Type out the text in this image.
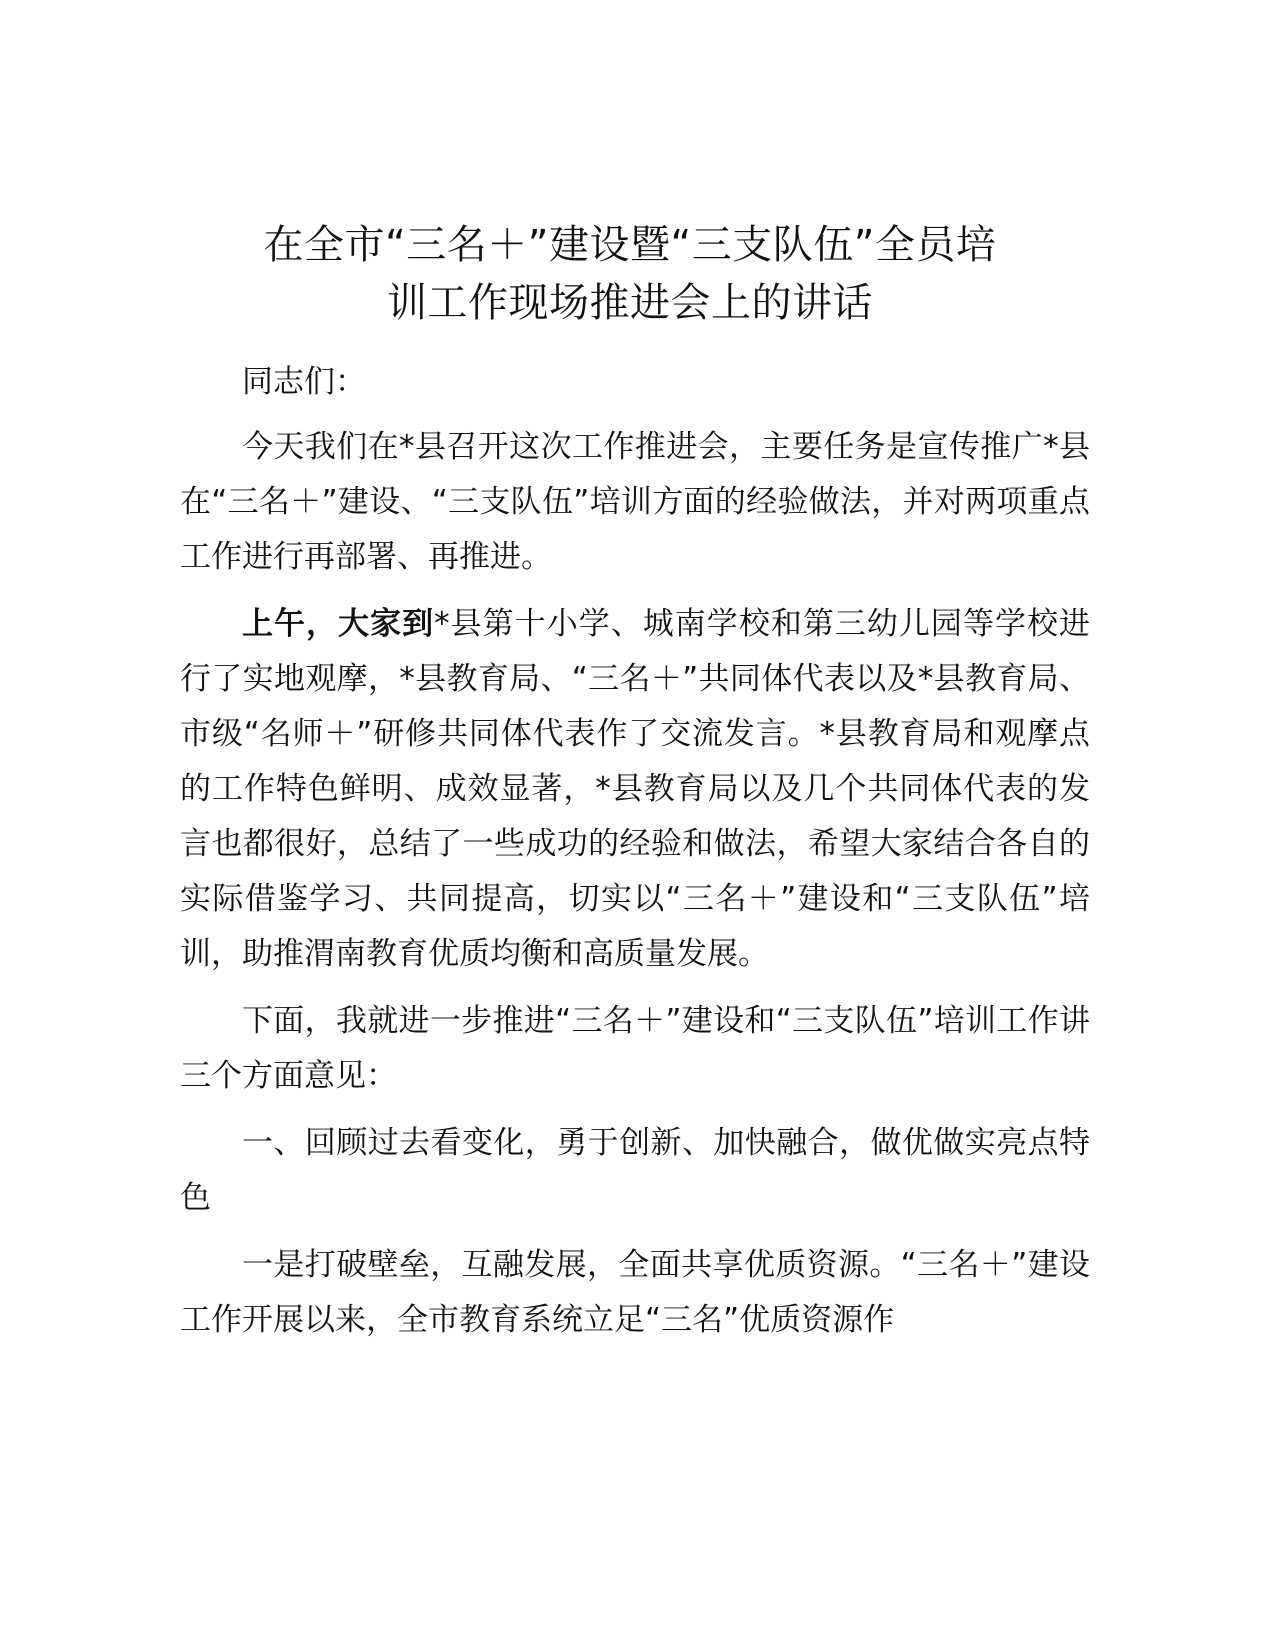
在全市“三名＋”建设暨“三支队伍”全员培
训工作现场推进会上的讲话

同志们：

今天我们在*县召开这次工作推进会，主要任务是宣传推广*县在“三名＋”建设、“三支队伍”培训方面的经验做法，并对两项重点工作进行再部署、再推进。

上午，大家到*县第十小学、城南学校和第三幼儿园等学校进行了实地观摩，*县教育局、“三名＋”共同体代表以及*县教育局、市级“名师＋”研修共同体代表作了交流发言。*县教育局和观摩点的工作特色鲜明、成效显著，*县教育局以及几个共同体代表的发言也都很好，总结了一些成功的经验和做法，希望大家结合各自的实际借鉴学习、共同提高，切实以“三名＋”建设和“三支队伍”培训，助推渭南教育优质均衡和高质量发展。

下面，我就进一步推进“三名＋”建设和“三支队伍”培训工作讲三个方面意见：

一、回顾过去看变化，勇于创新、加快融合，做优做实亮点特色

一是打破壁垒，互融发展，全面共享优质资源。“三名＋”建设工作开展以来，全市教育系统立足“三名”优质资源作
